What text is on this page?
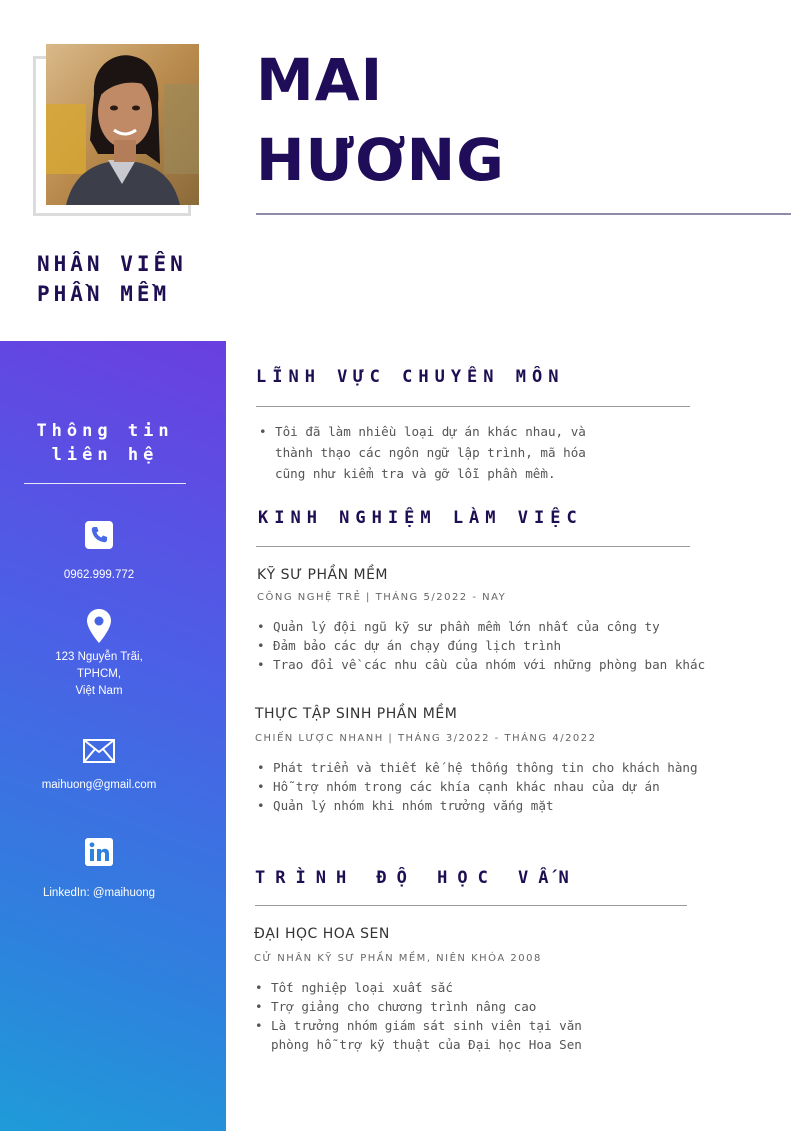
NHÂN VIÊN
PHẦN MỀM
Thông tin
liên hệ
0962.999.772
123 Nguyễn Trãi,
TPHCM,
Việt Nam
maihuong@gmail.com
LinkedIn: @maihuong
MAI
HƯƠNG
LĨNH VỰC CHUYÊN MÔN
• Tôi đã làm nhiều loại dự án khác nhau, và
thành thạo các ngôn ngữ lập trình, mã hóa
cũng như kiểm tra và gỡ lỗi phần mềm.
KINH NGHIỆM LÀM VIỆC
KỸ SƯ PHẦN MỀM
CÔNG NGHỆ TRẺ | THÁNG 5/2022 - NAY
• Quản lý đội ngũ kỹ sư phần mềm lớn nhất của công ty
• Đảm bảo các dự án chạy đúng lịch trình
• Trao đổi về các nhu cầu của nhóm với những phòng ban khác
THỰC TẬP SINH PHẦN MỀM
CHIẾN LƯỢC NHANH | THÁNG 3/2022 - THÁNG 4/2022
• Phát triển và thiết kế hệ thống thông tin cho khách hàng
• Hỗ trợ nhóm trong các khía cạnh khác nhau của dự án
• Quản lý nhóm khi nhóm trưởng vắng mặt
TRÌNH ĐỘ HỌC VẤN
ĐẠI HỌC HOA SEN
CỬ NHÂN KỸ SƯ PHẦN MỀM, NIÊN KHÓA 2008
• Tốt nghiệp loại xuất sắc
• Trợ giảng cho chương trình nâng cao
• Là trưởng nhóm giám sát sinh viên tại văn
phòng hỗ trợ kỹ thuật của Đại học Hoa Sen
